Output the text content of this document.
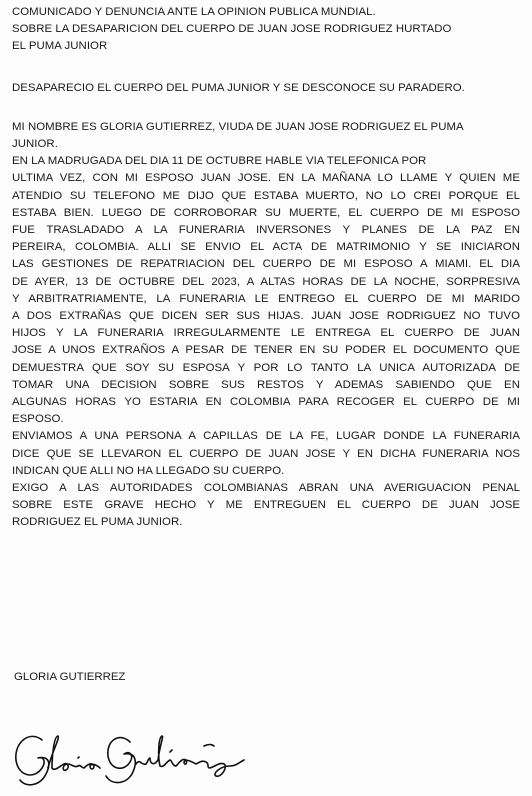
COMUNICADO Y DENUNCIA ANTE LA OPINION PUBLICA MUNDIAL.
SOBRE LA DESAPARICION DEL CUERPO DE JUAN JOSE RODRIGUEZ HURTADO
EL PUMA JUNIOR
DESAPARECIO EL CUERPO DEL PUMA JUNIOR Y SE DESCONOCE SU PARADERO.
MI NOMBRE ES GLORIA GUTIERREZ, VIUDA DE JUAN JOSE RODRIGUEZ EL PUMA
JUNIOR.
EN LA MADRUGADA DEL DIA 11 DE OCTUBRE HABLE VIA TELEFONICA POR
ULTIMA VEZ, CON MI ESPOSO JUAN JOSE. EN LA MAÑANA LO LLAME Y QUIEN ME
ATENDIO SU TELEFONO ME DIJO QUE ESTABA MUERTO, NO LO CREI PORQUE EL
ESTABA BIEN. LUEGO DE CORROBORAR SU MUERTE, EL CUERPO DE MI ESPOSO
FUE TRASLADADO A LA FUNERARIA INVERSONES Y PLANES DE LA PAZ EN
PEREIRA, COLOMBIA. ALLI SE ENVIO EL ACTA DE MATRIMONIO Y SE INICIARON
LAS GESTIONES DE REPATRIACION DEL CUERPO DE MI ESPOSO A MIAMI. EL DIA
DE AYER, 13 DE OCTUBRE DEL 2023, A ALTAS HORAS DE LA NOCHE, SORPRESIVA
Y ARBITRATRIAMENTE, LA FUNERARIA LE ENTREGO EL CUERPO DE MI MARIDO
A DOS EXTRAÑAS QUE DICEN SER SUS HIJAS. JUAN JOSE RODRIGUEZ NO TUVO
HIJOS Y LA FUNERARIA IRREGULARMENTE LE ENTREGA EL CUERPO DE JUAN
JOSE A UNOS EXTRAÑOS A PESAR DE TENER EN SU PODER EL DOCUMENTO QUE
DEMUESTRA QUE SOY SU ESPOSA Y POR LO TANTO LA UNICA AUTORIZADA DE
TOMAR UNA DECISION SOBRE SUS RESTOS Y ADEMAS SABIENDO QUE EN
ALGUNAS HORAS YO ESTARIA EN COLOMBIA PARA RECOGER EL CUERPO DE MI
ESPOSO.
ENVIAMOS A UNA PERSONA A CAPILLAS DE LA FE, LUGAR DONDE LA FUNERARIA
DICE QUE SE LLEVARON EL CUERPO DE JUAN JOSE Y EN DICHA FUNERARIA NOS
INDICAN QUE ALLI NO HA LLEGADO SU CUERPO.
EXIGO A LAS AUTORIDADES COLOMBIANAS ABRAN UNA AVERIGUACION PENAL
SOBRE ESTE GRAVE HECHO Y ME ENTREGUEN EL CUERPO DE JUAN JOSE
RODRIGUEZ EL PUMA JUNIOR.
GLORIA GUTIERREZ
